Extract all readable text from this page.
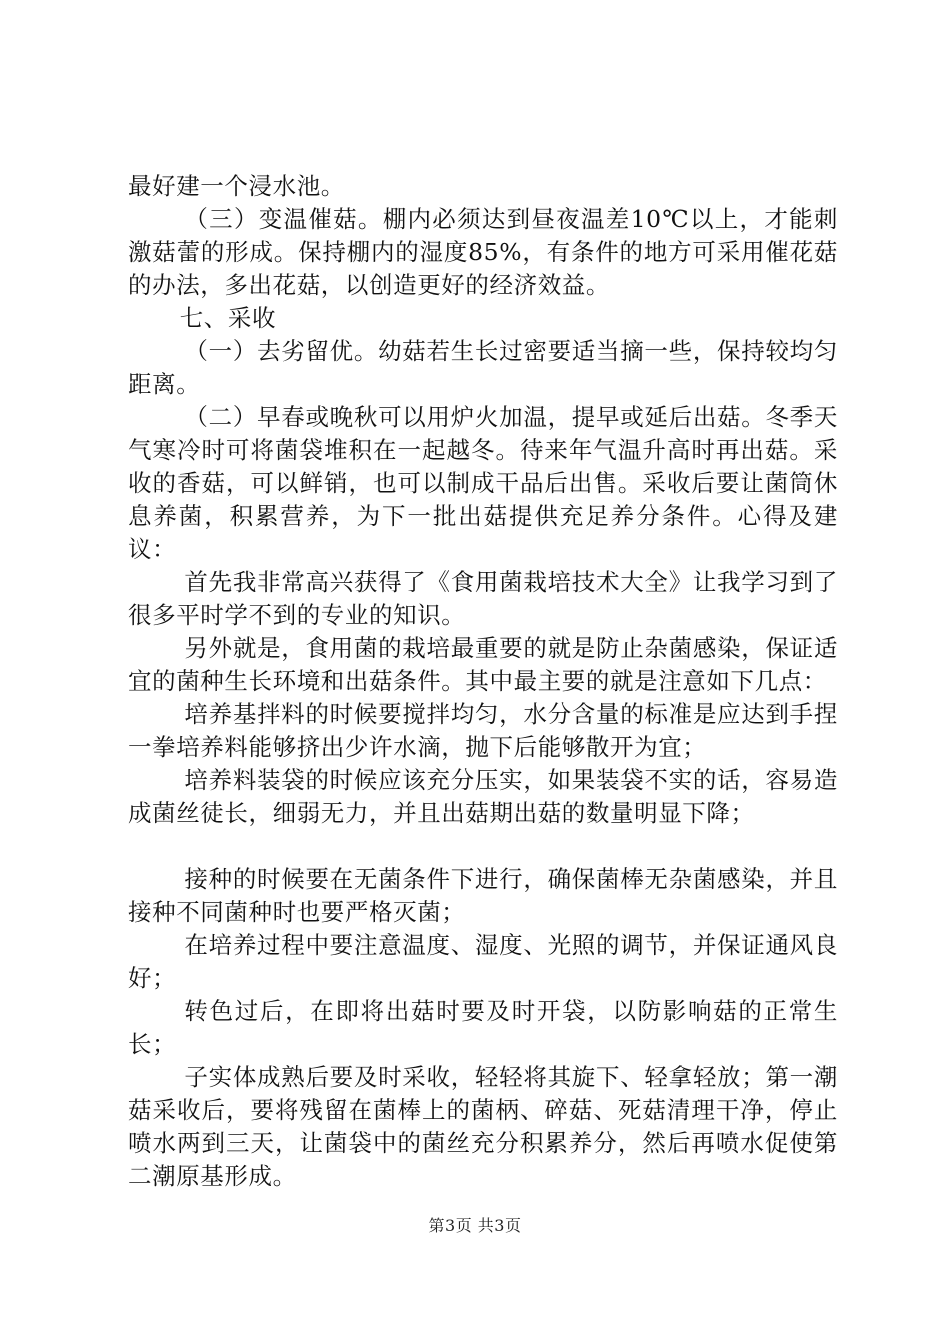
最好建一个浸水池。

（三）变温催菇。棚内必须达到昼夜温差10℃以上，才能刺激菇蕾的形成。保持棚内的湿度85%，有条件的地方可采用催花菇的办法，多出花菇，以创造更好的经济效益。

七、采收

（一）去劣留优。幼菇若生长过密要适当摘一些，保持较均匀距离。

（二）早春或晚秋可以用炉火加温，提早或延后出菇。冬季天气寒冷时可将菌袋堆积在一起越冬。待来年气温升高时再出菇。采收的香菇，可以鲜销，也可以制成干品后出售。采收后要让菌筒休息养菌，积累营养，为下一批出菇提供充足养分条件。心得及建议：

首先我非常高兴获得了《食用菌栽培技术大全》让我学习到了很多平时学不到的专业的知识。

另外就是，食用菌的栽培最重要的就是防止杂菌感染，保证适宜的菌种生长环境和出菇条件。其中最主要的就是注意如下几点：

培养基拌料的时候要搅拌均匀，水分含量的标准是应达到手捏一拳培养料能够挤出少许水滴，抛下后能够散开为宜；

培养料装袋的时候应该充分压实，如果装袋不实的话，容易造成菌丝徒长，细弱无力，并且出菇期出菇的数量明显下降；

接种的时候要在无菌条件下进行，确保菌棒无杂菌感染，并且接种不同菌种时也要严格灭菌；

在培养过程中要注意温度、湿度、光照的调节，并保证通风良好；

转色过后，在即将出菇时要及时开袋，以防影响菇的正常生长；

子实体成熟后要及时采收，轻轻将其旋下、轻拿轻放；第一潮菇采收后，要将残留在菌棒上的菌柄、碎菇、死菇清理干净，停止喷水两到三天，让菌袋中的菌丝充分积累养分，然后再喷水促使第二潮原基形成。

第3页 共3页
